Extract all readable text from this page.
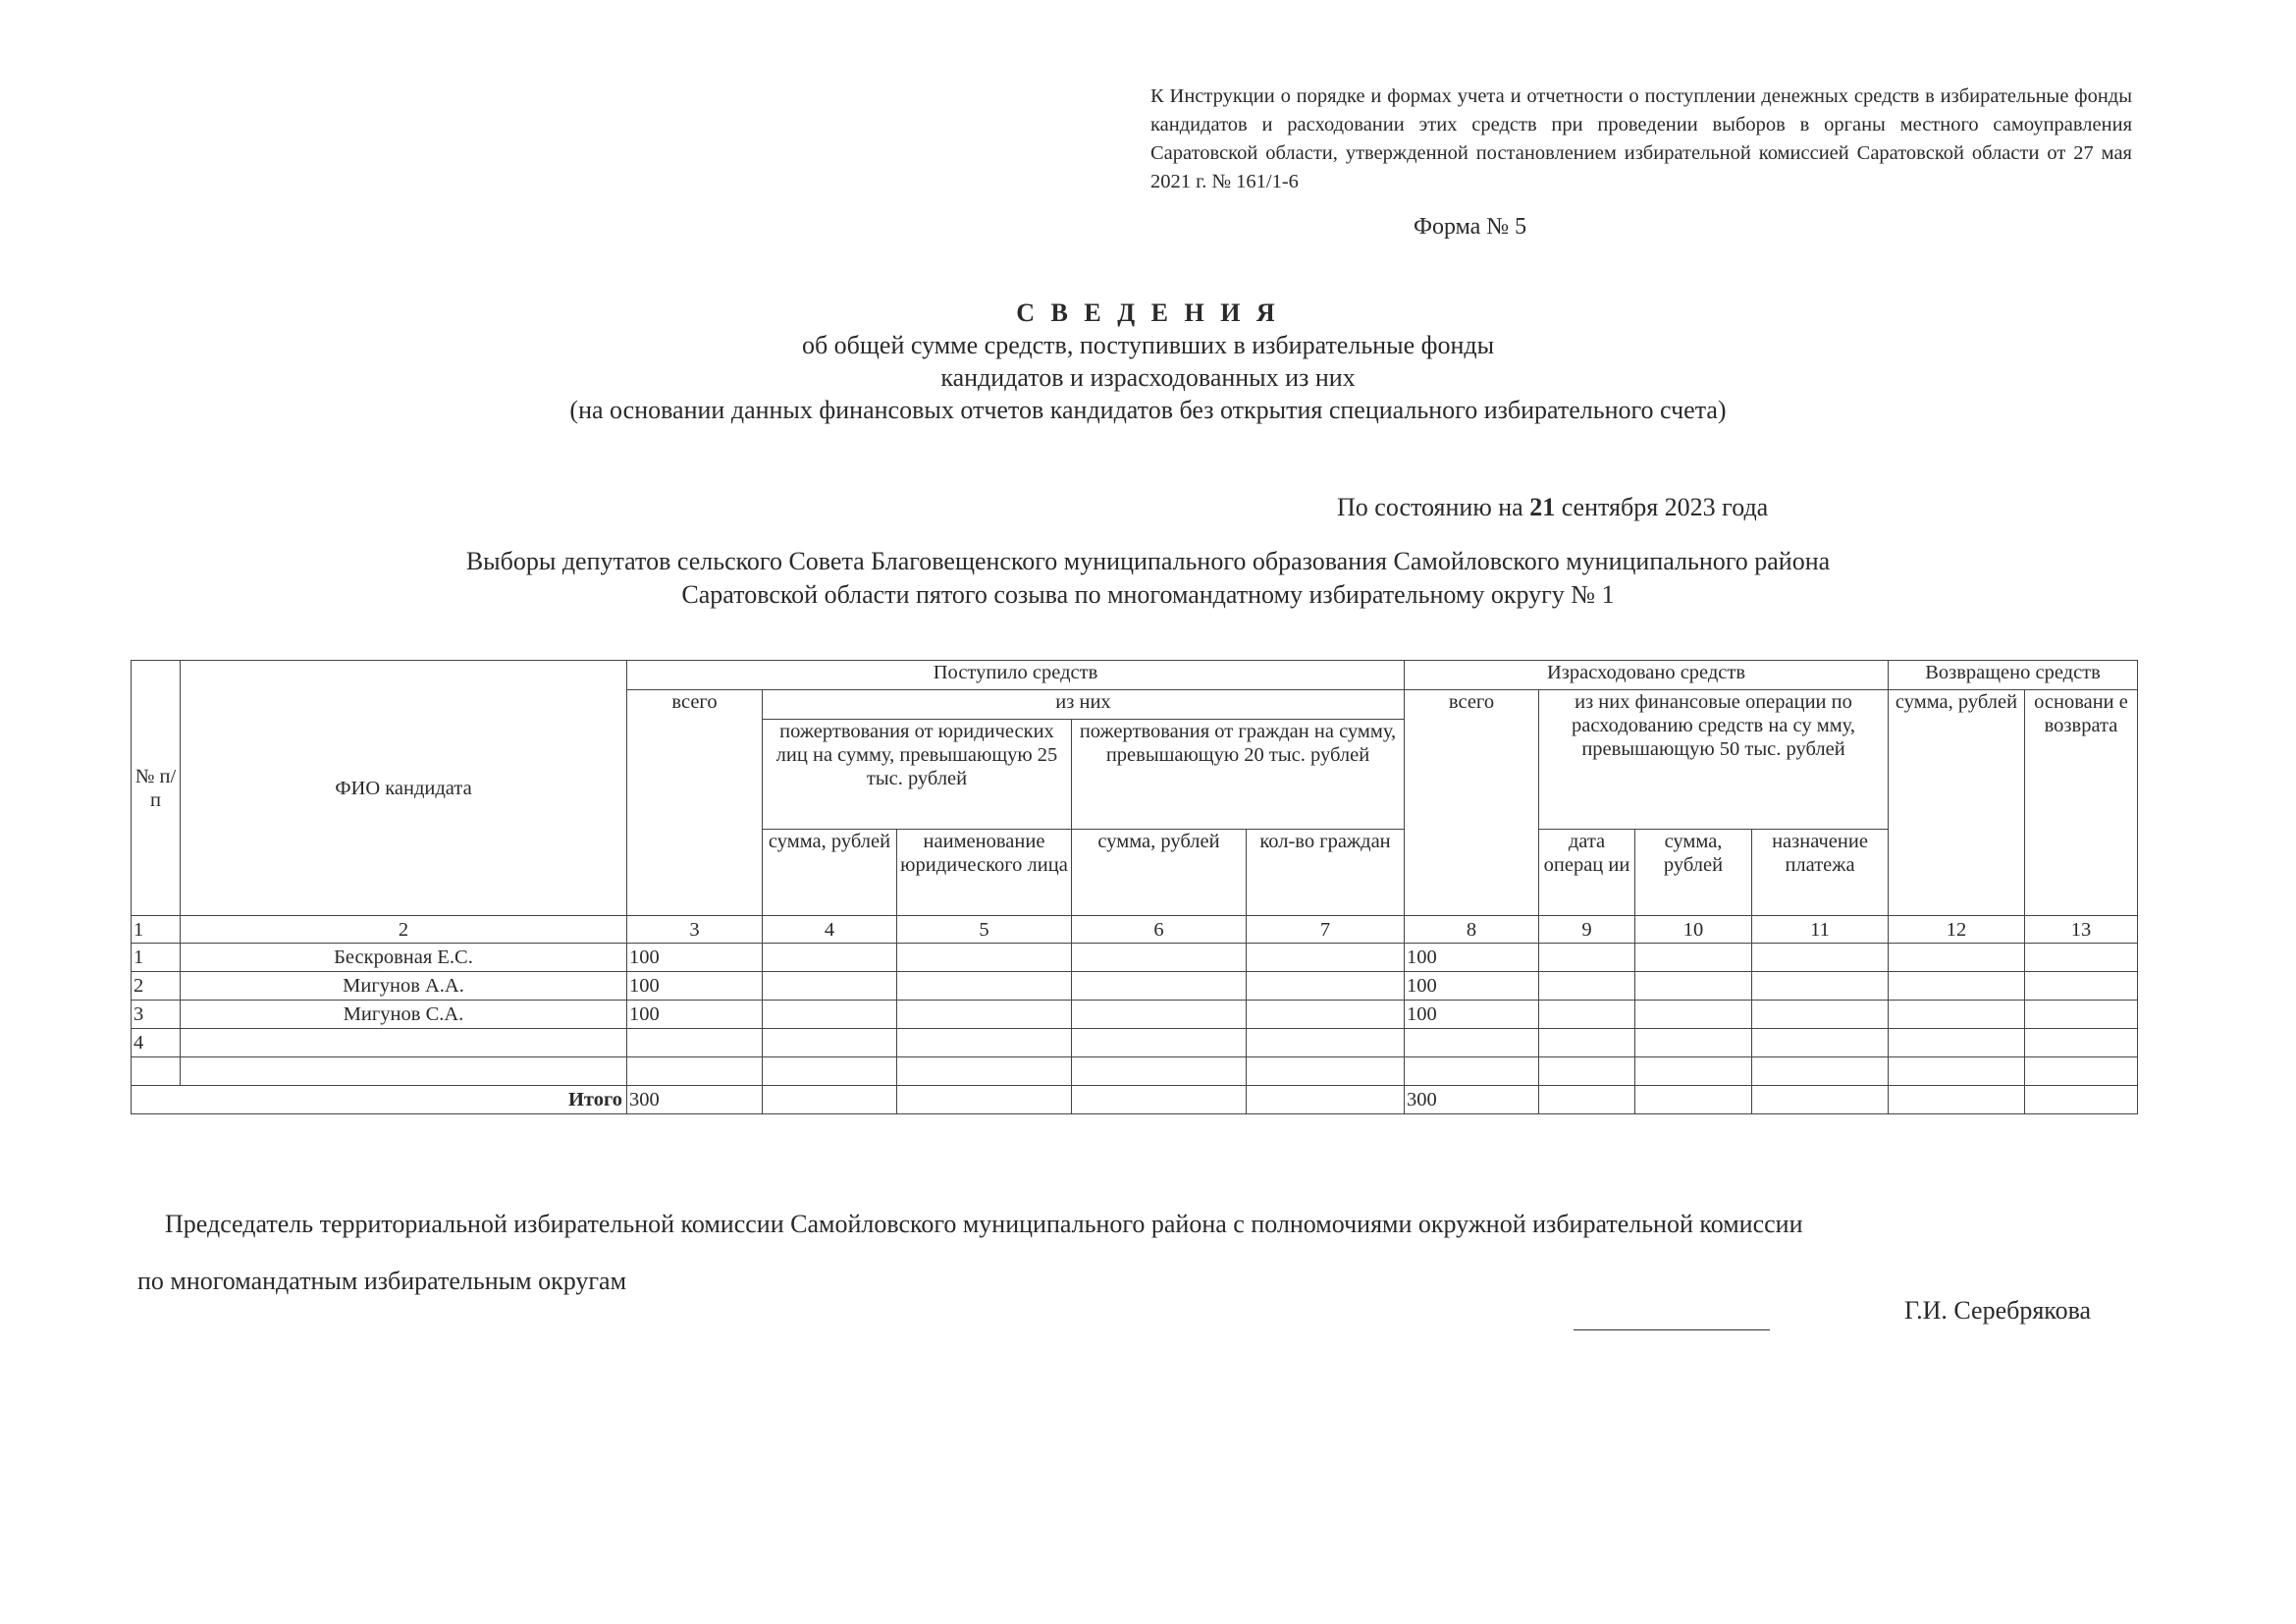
К Инструкции о порядке и формах учета и отчетности о поступлении денежных средств в избирательные фонды кандидатов и расходовании этих средств при проведении выборов в органы местного самоуправления Саратовской области, утвержденной постановлением избирательной комиссией Саратовской области от 27 мая 2021 г. № 161/1-6
Форма № 5
С В Е Д Е Н И Я
об общей сумме средств, поступивших в избирательные фонды
кандидатов и израсходованных из них
(на основании данных финансовых отчетов кандидатов без открытия специального избирательного счета)
По состоянию на 21 сентября 2023 года
Выборы депутатов сельского Совета Благовещенского муниципального образования Самойловского муниципального района
Саратовской области пятого созыва по многомандатному избирательному округу № 1
№ п/п	ФИО кандидата	Поступило средств					Израсходовано средств				Возвращено средств	
		всего	из них				всего	из них финансовые операции по расходованию средств на су мму, превышающую 50 тыс. рублей			сумма, рублей	основани е возврата
			пожертвования от юридических лиц на сумму, превышающую 25 тыс. рублей		пожертвования от граждан на сумму, превышающую 20 тыс. рублей							
			сумма, рублей	наименование юридического лица	сумма, рублей	кол-во граждан		дата операц ии	сумма, рублей	назначение платежа		
1	2	3	4	5	6	7	8	9	10	11	12	13
1	Бескровная Е.С.	100					100					
2	Мигунов А.А.	100					100					
3	Мигунов С.А.	100					100					
4												

Итого		300					300					
Председатель территориальной избирательной комиссии Самойловского муниципального района с полномочиями окружной избирательной комиссии
по многомандатным избирательным округам
Г.И. Серебрякова
